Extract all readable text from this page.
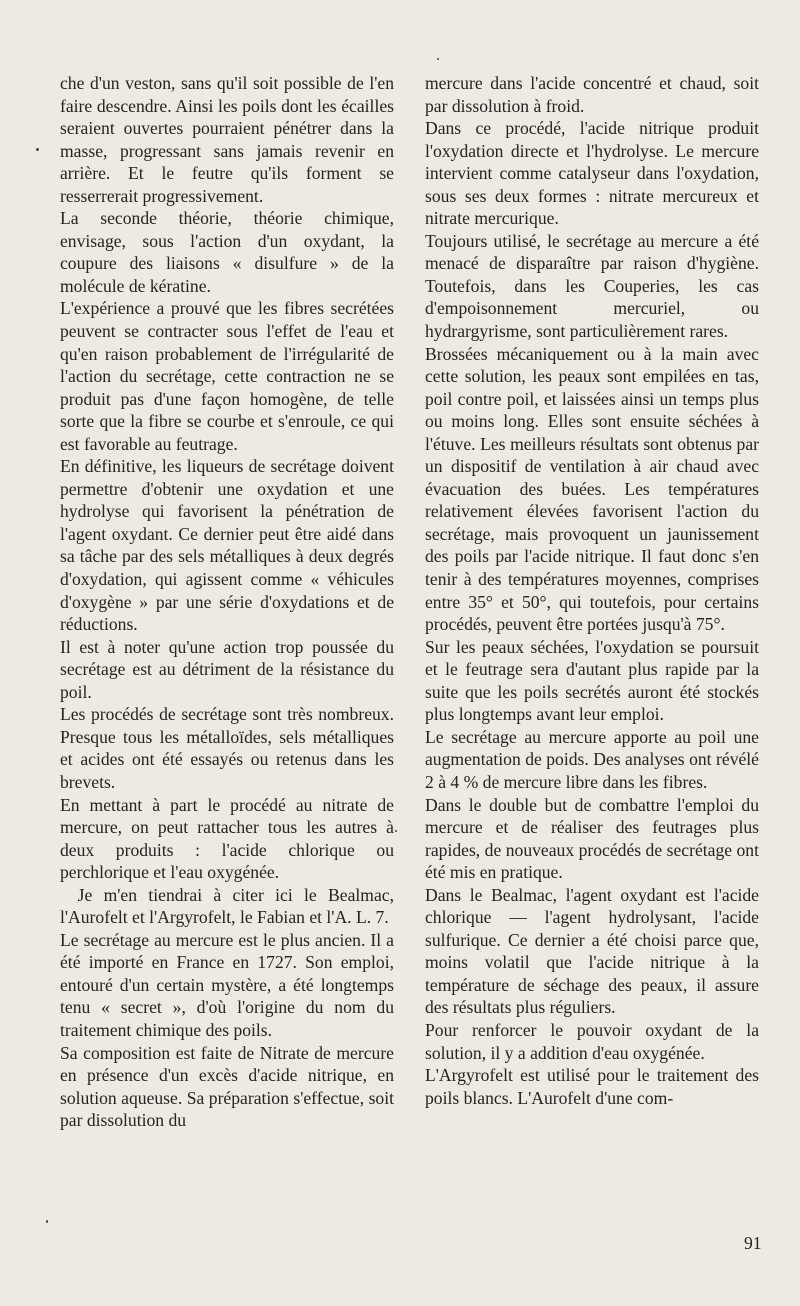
che d'un veston, sans qu'il soit possible de l'en faire descendre. Ainsi les poils dont les écailles seraient ouvertes pourraient pénétrer dans la masse, progressant sans jamais revenir en arrière. Et le feutre qu'ils forment se resserrerait progressivement.

La seconde théorie, théorie chimique, envisage, sous l'action d'un oxydant, la coupure des liaisons « disulfure » de la molécule de kératine.

L'expérience a prouvé que les fibres secrétées peuvent se contracter sous l'effet de l'eau et qu'en raison probablement de l'irrégularité de l'action du secrétage, cette contraction ne se produit pas d'une façon homogène, de telle sorte que la fibre se courbe et s'enroule, ce qui est favorable au feutrage.

En définitive, les liqueurs de secrétage doivent permettre d'obtenir une oxydation et une hydrolyse qui favorisent la pénétration de l'agent oxydant. Ce dernier peut être aidé dans sa tâche par des sels métalliques à deux degrés d'oxydation, qui agissent comme « véhicules d'oxygène » par une série d'oxydations et de réductions.

Il est à noter qu'une action trop poussée du secrétage est au détriment de la résistance du poil.

Les procédés de secrétage sont très nombreux. Presque tous les métalloïdes, sels métalliques et acides ont été essayés ou retenus dans les brevets.

En mettant à part le procédé au nitrate de mercure, on peut rattacher tous les autres à deux produits : l'acide chlorique ou perchlorique et l'eau oxygénée.

Je m'en tiendrai à citer ici le Bealmac, l'Aurofelt et l'Argyrofelt, le Fabian et l'A. L. 7.

Le secrétage au mercure est le plus ancien. Il a été importé en France en 1727. Son emploi, entouré d'un certain mystère, a été longtemps tenu « secret », d'où l'origine du nom du traitement chimique des poils.

Sa composition est faite de Nitrate de mercure en présence d'un excès d'acide nitrique, en solution aqueuse. Sa préparation s'effectue, soit par dissolution du

mercure dans l'acide concentré et chaud, soit par dissolution à froid.

Dans ce procédé, l'acide nitrique produit l'oxydation directe et l'hydrolyse. Le mercure intervient comme catalyseur dans l'oxydation, sous ses deux formes : nitrate mercureux et nitrate mercurique.

Toujours utilisé, le secrétage au mercure a été menacé de disparaître par raison d'hygiène. Toutefois, dans les Couperies, les cas d'empoisonnement mercuriel, ou hydrargyrisme, sont particulièrement rares.

Brossées mécaniquement ou à la main avec cette solution, les peaux sont empilées en tas, poil contre poil, et laissées ainsi un temps plus ou moins long. Elles sont ensuite séchées à l'étuve. Les meilleurs résultats sont obtenus par un dispositif de ventilation à air chaud avec évacuation des buées. Les températures relativement élevées favorisent l'action du secrétage, mais provoquent un jaunissement des poils par l'acide nitrique. Il faut donc s'en tenir à des températures moyennes, comprises entre 35° et 50°, qui toutefois, pour certains procédés, peuvent être portées jusqu'à 75°.

Sur les peaux séchées, l'oxydation se poursuit et le feutrage sera d'autant plus rapide par la suite que les poils secrétés auront été stockés plus longtemps avant leur emploi.

Le secrétage au mercure apporte au poil une augmentation de poids. Des analyses ont révélé 2 à 4 % de mercure libre dans les fibres.

Dans le double but de combattre l'emploi du mercure et de réaliser des feutrages plus rapides, de nouveaux procédés de secrétage ont été mis en pratique.

Dans le Bealmac, l'agent oxydant est l'acide chlorique — l'agent hydrolysant, l'acide sulfurique. Ce dernier a été choisi parce que, moins volatil que l'acide nitrique à la température de séchage des peaux, il assure des résultats plus réguliers.

Pour renforcer le pouvoir oxydant de la solution, il y a addition d'eau oxygénée.

L'Argyrofelt est utilisé pour le traitement des poils blancs. L'Aurofelt d'une com-

91
